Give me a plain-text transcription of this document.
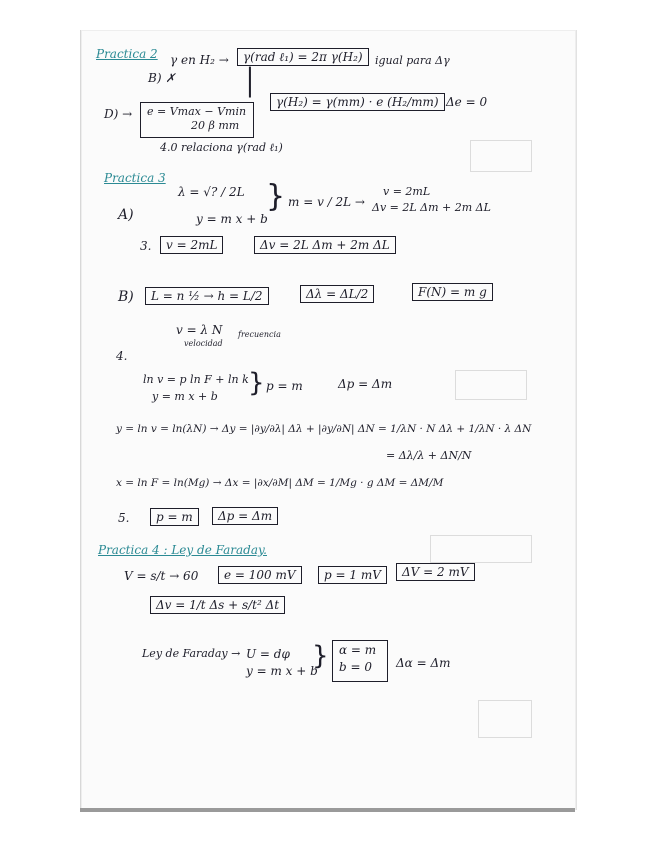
Practica 2 γ en H₂ →	γ(rad ℓ₁) = 2π γ(H₂)	igual para Δγ
B) ✗	│
D) → e = Vmax − Vmin
20 β mm
γ(H₂) = γ(mm) · e (H₂/mm) Δe = 0
4.0 relaciona γ(rad ℓ₁)
Practica 3
λ = √? / 2L
A)	y = m x + b
} m = v / 2L →
v = 2mL
Δv = 2L Δm + 2m ΔL
3.	v = 2mL	Δv = 2L Δm + 2m ΔL
B)	L = n ½ → h = L/2	Δλ = ΔL/2	F(N) = m g
v = λ N
velocidad
frecuencia
4.
ln v = p ln F + ln k
y = m x + b } p = m	Δp = Δm
y = ln v = ln(λN) → Δy = |∂y/∂λ| Δλ + |∂y/∂N| ΔN = 1/λN · N Δλ + 1/λN · λ ΔN
= Δλ/λ + ΔN/N
x = ln F = ln(Mg) → Δx = |∂x/∂M| ΔM = 1/Mg · g ΔM = ΔM/M
5.	p = m	Δp = Δm
Practica 4 : Ley de Faraday.
V = s/t → 60	e = 100 mV	p = 1 mV	ΔV = 2 mV
Δv = 1/t Δs + s/t² Δt
Ley de Faraday → U = dφ
y = m x + b
} α = m
b = 0 Δα = Δm
